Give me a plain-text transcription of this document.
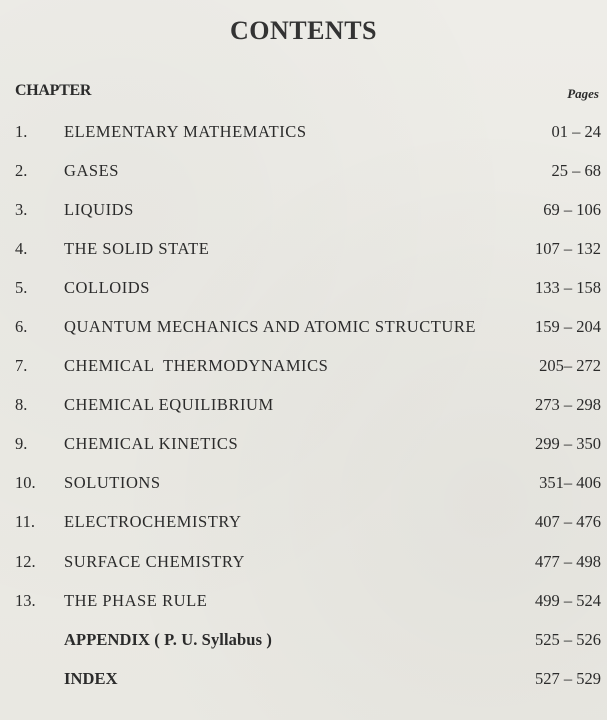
CONTENTS
CHAPTER	Pages
1. ELEMENTARY MATHEMATICS	01 – 24
2. GASES	25 – 68
3. LIQUIDS	69 – 106
4. THE SOLID STATE	107 – 132
5. COLLOIDS	133 – 158
6. QUANTUM MECHANICS AND ATOMIC STRUCTURE	159 – 204
7. CHEMICAL  THERMODYNAMICS	205– 272
8. CHEMICAL EQUILIBRIUM	273 – 298
9. CHEMICAL KINETICS	299 – 350
10. SOLUTIONS	351– 406
11. ELECTROCHEMISTRY	407 – 476
12. SURFACE CHEMISTRY	477 – 498
13. THE PHASE RULE	499 – 524
APPENDIX ( P. U. Syllabus )	525 – 526
INDEX	527 – 529
